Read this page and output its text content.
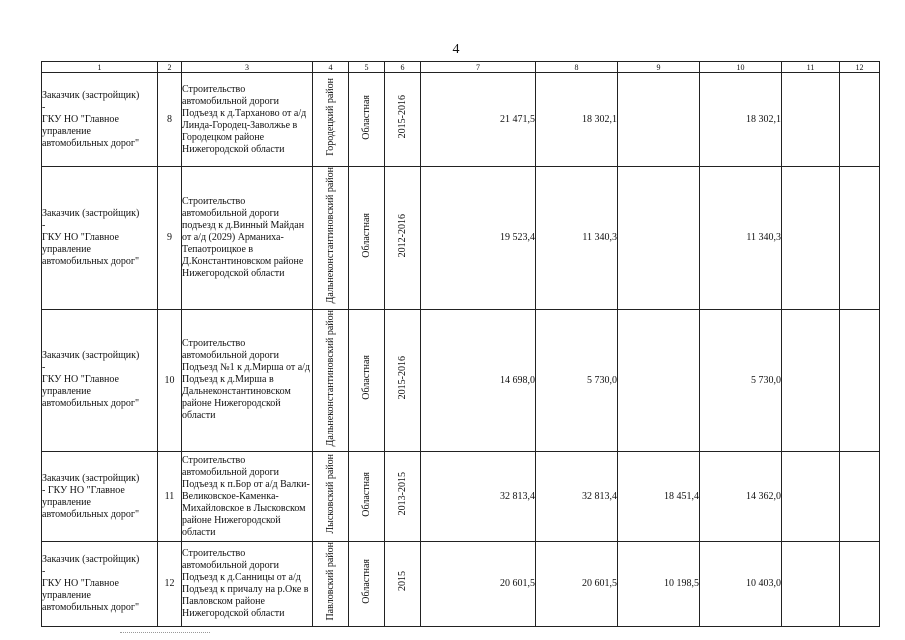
4
1	2	3	4	5	6	7	8	9	10	11	12

Заказчик (застройщик)
-
ГКУ НО "Главное управление автомобильных дорог"	8	Строительство автомобильной дороги Подъезд к д.Тарханово от а/д Линда-Городец-Заволжье в Городецком районе Нижегородской области	Городецкий район	Областная	2015-2016	21 471,5	18 302,1		18 302,1		

Заказчик (застройщик)
-
ГКУ НО "Главное управление автомобильных дорог"	9	Строительство автомобильной дороги подъезд к д.Винный Майдан от а/д (2029) Арманиха-Тепаотроицкое в Д.Константиновском районе Нижегородской области	Дальнеконстантиновский район	Областная	2012-2016	19 523,4	11 340,3		11 340,3		

Заказчик (застройщик)
-
ГКУ НО "Главное управление автомобильных дорог"	10	Строительство автомобильной дороги Подъезд №1 к д.Мирша от а/д Подъезд к д.Мирша в Дальнеконстантиновском районе Нижегородской области	Дальнеконстантиновский район	Областная	2015-2016	14 698,0	5 730,0		5 730,0		

Заказчик (застройщик)
- ГКУ НО "Главное управление автомобильных дорог"	11	Строительство автомобильной дороги Подъезд к п.Бор от а/д Валки-Великовское-Каменка-Михайловское в Лысковском районе Нижегородской области	Лысковский район	Областная	2013-2015	32 813,4	32 813,4	18 451,4	14 362,0		

Заказчик (застройщик)
-
ГКУ НО "Главное управление автомобильных дорог"	12	Строительство автомобильной дороги Подъезд к д.Санницы от а/д Подъезд к причалу на р.Оке в Павловском районе Нижегородской области	Павловский район	Областная	2015	20 601,5	20 601,5	10 198,5	10 403,0		
